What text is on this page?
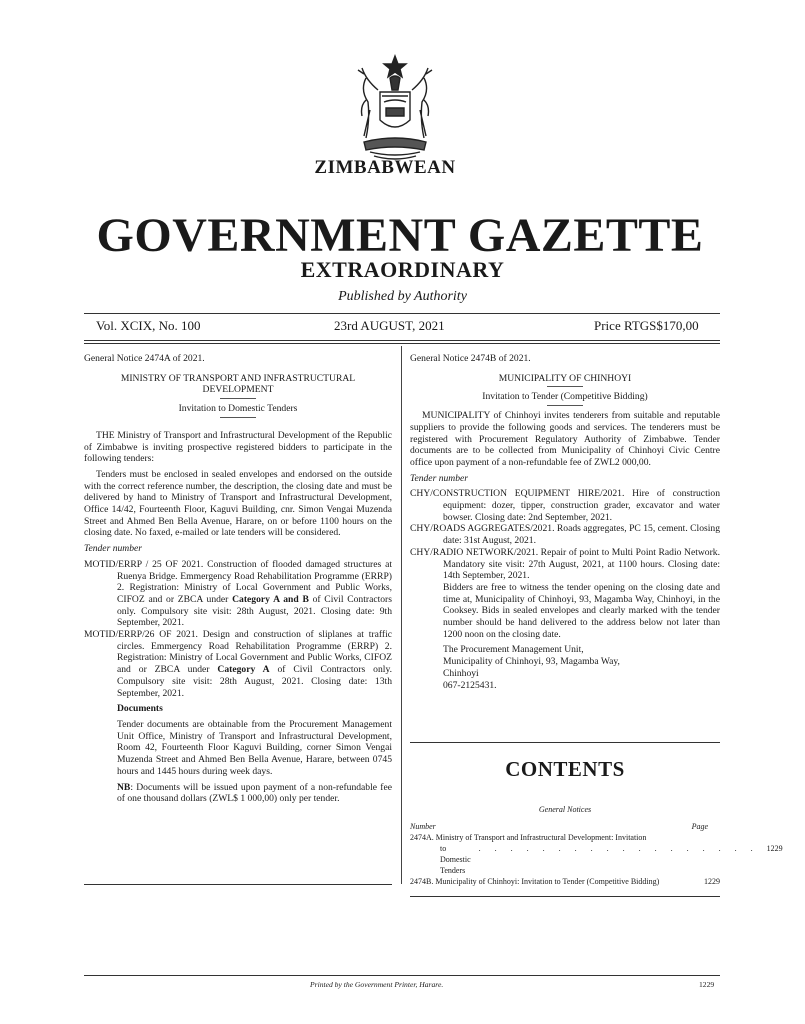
ZIMBABWEAN
GOVERNMENT GAZETTE
EXTRAORDINARY
Published by Authority
Vol. XCIX, No. 100	23rd AUGUST, 2021	Price RTGS$170,00

General Notice 2474A of 2021.

MINISTRY OF TRANSPORT AND INFRASTRUCTURAL DEVELOPMENT

Invitation to Domestic Tenders

THE Ministry of Transport and Infrastructural Development of the Republic of Zimbabwe is inviting prospective registered bidders to participate in the following tenders:

Tenders must be enclosed in sealed envelopes and endorsed on the outside with the correct reference number, the description, the closing date and must be delivered by hand to Ministry of Transport and Infrastructural Development, Office 14/42, Fourteenth Floor, Kaguvi Building, cnr. Simon Vengai Muzenda Street and Ahmed Ben Bella Avenue, Harare, on or before 1100 hours on the closing date. No faxed, e-mailed or late tenders will be considered.

Tender number

MOTID/ERRP / 25 OF 2021. Construction of flooded damaged structures at Ruenya Bridge. Emmergency Road Rehabilitation Programme (ERRP) 2. Registration: Ministry of Local Government and Public Works, CIFOZ and or ZBCA under Category A and B of Civil Contractors only. Compulsory site visit: 28th August, 2021. Closing date: 9th September, 2021.

MOTID/ERRP/26 OF 2021. Design and construction of sliplanes at traffic circles. Emmergency Road Rehabilitation Programme (ERRP) 2. Registration: Ministry of Local Government and Public Works, CIFOZ and or ZBCA under Category A of Civil Contractors only. Compulsory site visit: 28th August, 2021. Closing date: 13th September, 2021.

Documents

Tender documents are obtainable from the Procurement Management Unit Office, Ministry of Transport and Infrastructural Development, Room 42, Fourteenth Floor Kaguvi Building, corner Simon Vengai Muzenda Street and Ahmed Ben Bella Avenue, Harare, between 0745 hours and 1445 hours during week days.

NB: Documents will be issued upon payment of a non-refundable fee of one thousand dollars (ZWL$ 1 000,00) only per tender.

General Notice 2474B of 2021.

MUNICIPALITY OF CHINHOYI

Invitation to Tender (Competitive Bidding)

MUNICIPALITY of Chinhoyi invites tenderers from suitable and reputable suppliers to provide the following goods and services. The tenderers must be registered with Procurement Regulatory Authority of Zimbabwe. Tender documents are to be collected from Municipality of Chinhoyi Civic Centre office upon payment of a non-refundable fee of ZWL2 000,00.

Tender number

CHY/CONSTRUCTION EQUIPMENT HIRE/2021. Hire of construction equipment: dozer, tipper, construction grader, excavator and water bowser. Closing date: 2nd September, 2021.

CHY/ROADS AGGREGATES/2021. Roads aggregates, PC 15, cement. Closing date: 31st August, 2021.

CHY/RADIO NETWORK/2021. Repair of point to Multi Point Radio Network. Mandatory site visit: 27th August, 2021, at 1100 hours. Closing date: 14th September, 2021.

Bidders are free to witness the tender opening on the closing date and time at, Municipality of Chinhoyi, 93, Magamba Way, Chinhoyi, in the Cooksey. Bids in sealed envelopes and clearly marked with the tender number should be hand delivered to the address below not later than 1200 noon on the closing date.

The Procurement Management Unit,

Municipality of Chinhoyi, 93, Magamba Way,

Chinhoyi

067-2125431.

CONTENTS
General Notices
Number	Page
2474A. Ministry of Transport and Infrastructural Development: Invitation
to Domestic Tenders
. . . . . . . . . . . . . . . . . .	1229
2474B. Municipality of Chinhoyi: Invitation to Tender (Competitive Bidding)	1229
Printed by the Government Printer, Harare.	1229
